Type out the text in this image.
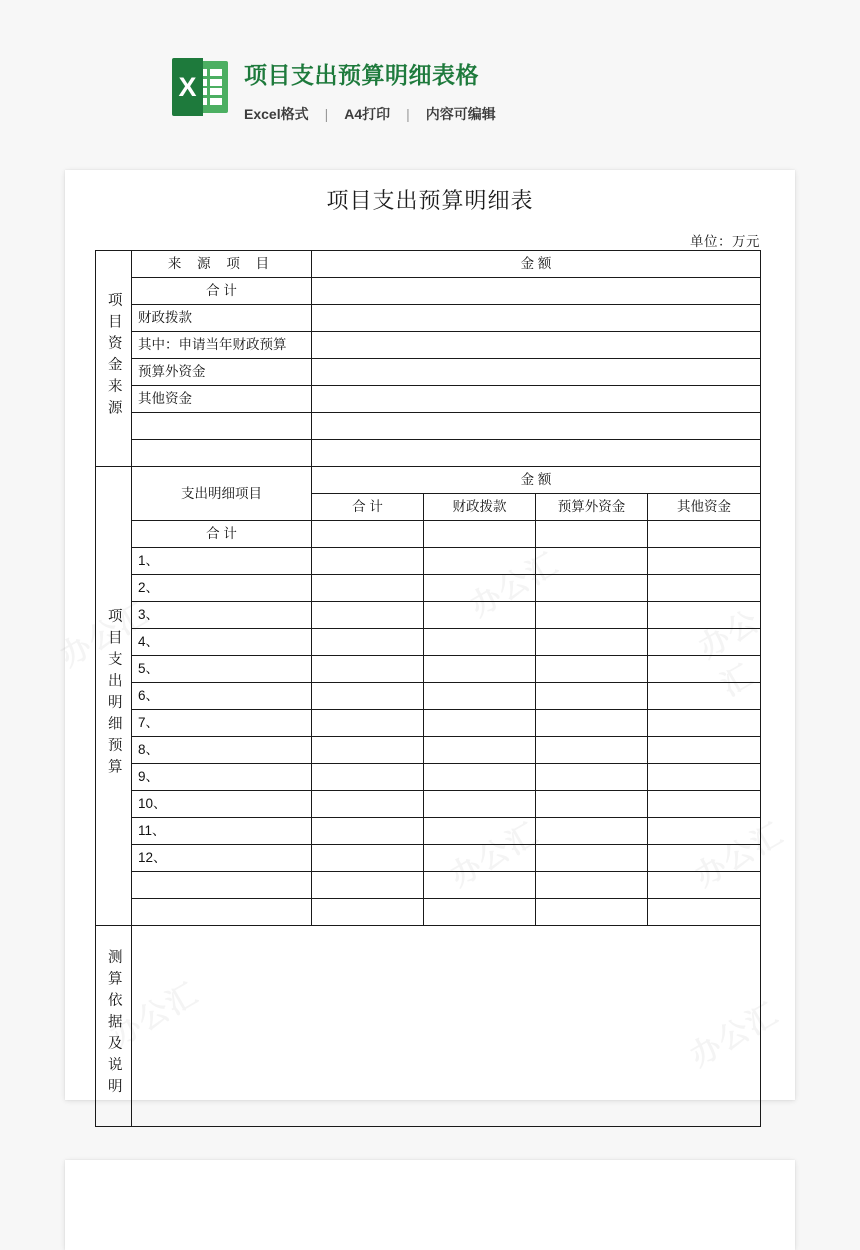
X 项目支出预算明细表格
Excel格式	|	A4打印	|	内容可编辑
项目支出预算明细表
单位：万元
项目资金来源	来 源 项 目	金 额			
	合 计				
	财政拨款				
	其中：申请当年财政预算				
	预算外资金				
	其他资金				

项目支出明细预算	支出明细项目	金 额			
		合 计	财政拨款	预算外资金	其他资金
	合 计				
	1、				
	2、				
	3、				
	4、				
	5、				
	6、				
	7、				
	8、				
	9、				
	10、				
	11、				
	12、				

测算依据及说明					
